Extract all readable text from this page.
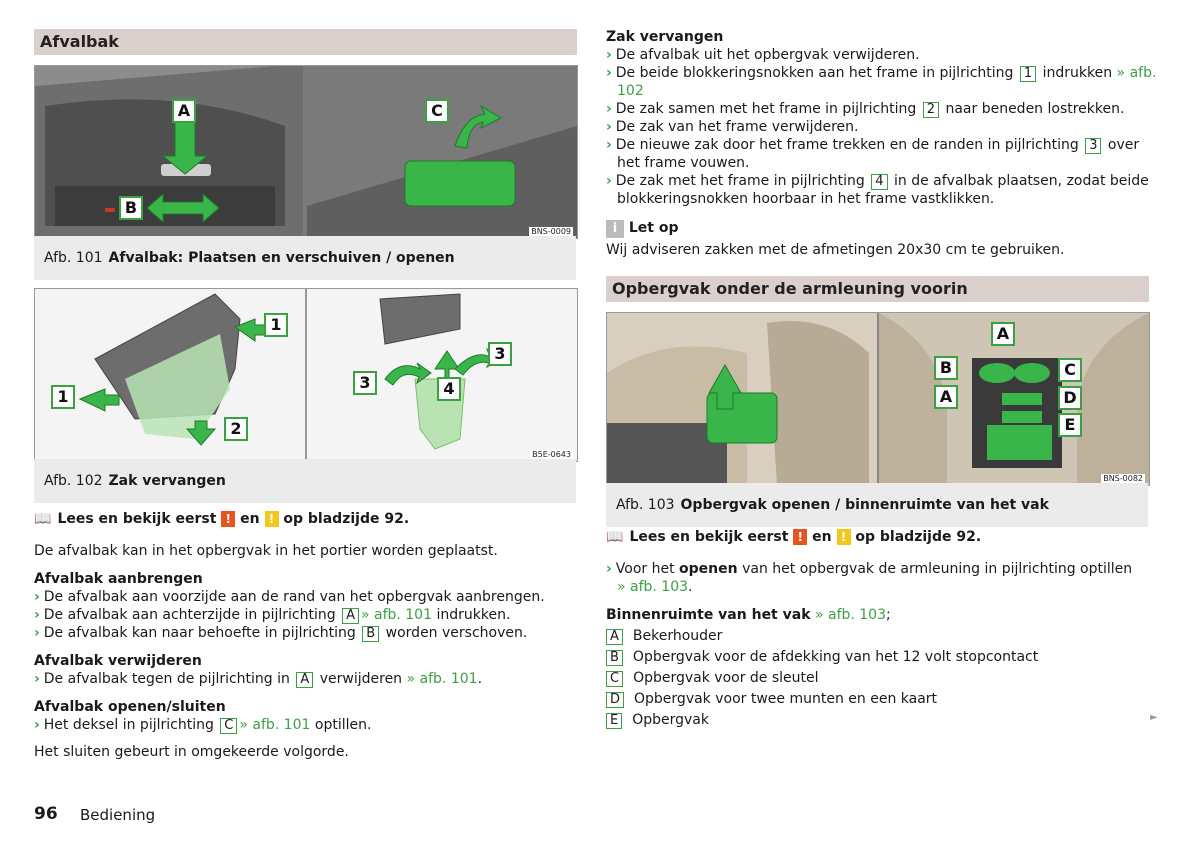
Afvalbak
A
B
C
BNS-0009
Afb. 101 Afvalbak: Plaatsen en verschuiven / openen
1
2
1
3	4
3
B5E-0643
Afb. 102 Zak vervangen
📖 Lees en bekijk eerst ! en ! op bladzijde 92.
De afvalbak kan in het opbergvak in het portier worden geplaatst.
Afvalbak aanbrengen
› De afvalbak aan voorzijde aan de rand van het opbergvak aanbrengen.
› De afvalbak aan achterzijde in pijlrichting A » afb. 101 indrukken.
› De afvalbak kan naar behoefte in pijlrichting B worden verschoven.
Afvalbak verwijderen
› De afvalbak tegen de pijlrichting in A verwijderen » afb. 101.
Afvalbak openen/sluiten
› Het deksel in pijlrichting C » afb. 101 optillen.
Het sluiten gebeurt in omgekeerde volgorde.
96 Bediening
Zak vervangen
› De afvalbak uit het opbergvak verwijderen.
› De beide blokkeringsnokken aan het frame in pijlrichting 1 indrukken » afb.
102
› De zak samen met het frame in pijlrichting 2 naar beneden lostrekken.
› De zak van het frame verwijderen.
› De nieuwe zak door het frame trekken en de randen in pijlrichting 3 over
het frame vouwen.
› De zak met het frame in pijlrichting 4 in de afvalbak plaatsen, zodat beide
blokkeringsnokken hoorbaar in het frame vastklikken.
i Let op
Wij adviseren zakken met de afmetingen 20x30 cm te gebruiken.
Opbergvak onder de armleuning voorin
A
B	C
A	D
E
BNS-0082
Afb. 103 Opbergvak openen / binnenruimte van het vak
📖 Lees en bekijk eerst ! en ! op bladzijde 92.
› Voor het openen van het opbergvak de armleuning in pijlrichting optillen
» afb. 103.
Binnenruimte van het vak » afb. 103;
A Bekerhouder
B Opbergvak voor de afdekking van het 12 volt stopcontact
C Opbergvak voor de sleutel
D Opbergvak voor twee munten en een kaart
E Opbergvak	►
